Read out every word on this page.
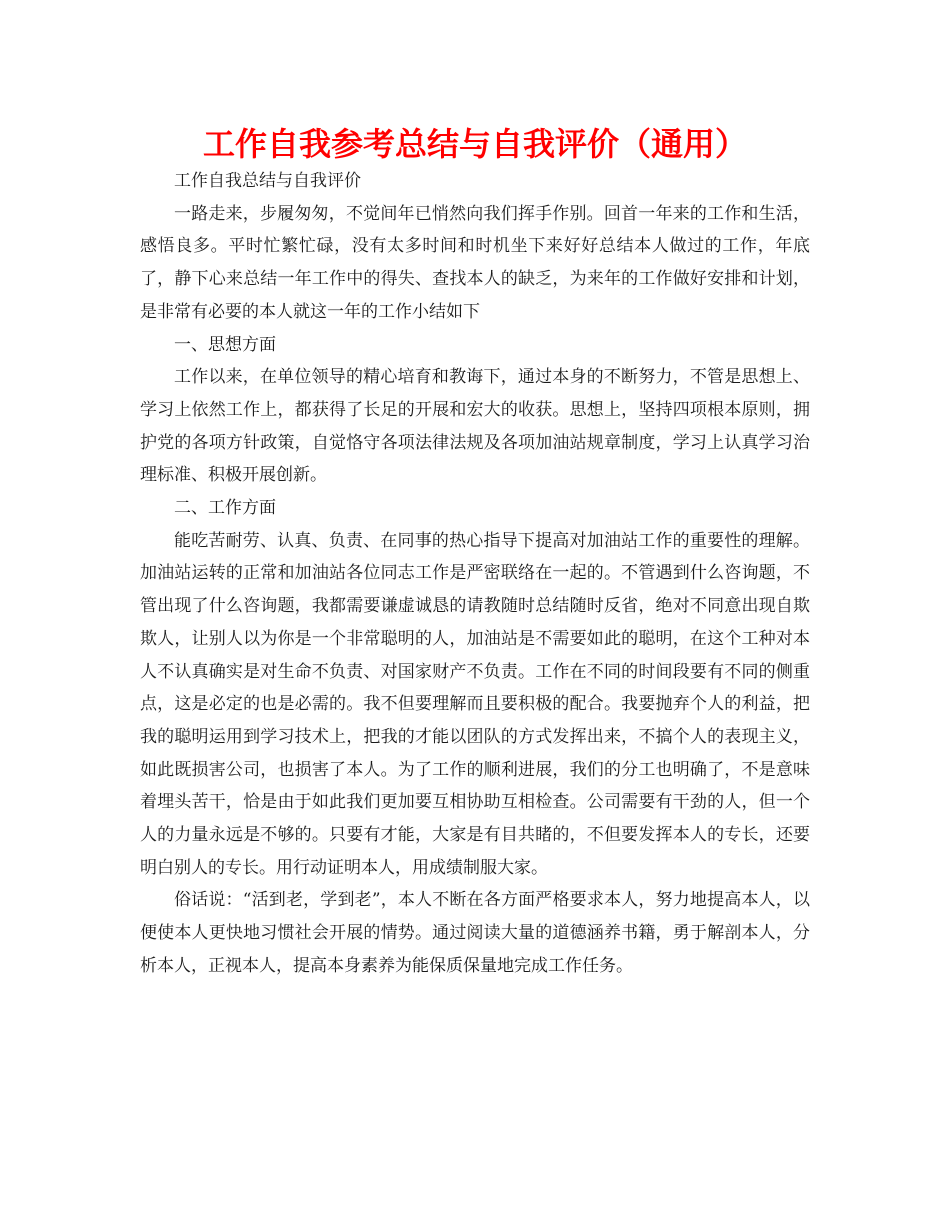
工作自我参考总结与自我评价（通用）

工作自我总结与自我评价

一路走来，步履匆匆，不觉间年已悄然向我们挥手作别。回首一年来的工作和生活，感悟良多。平时忙繁忙碌，没有太多时间和时机坐下来好好总结本人做过的工作，年底了，静下心来总结一年工作中的得失、查找本人的缺乏，为来年的工作做好安排和计划，是非常有必要的本人就这一年的工作小结如下

一、思想方面

工作以来，在单位领导的精心培育和教诲下，通过本身的不断努力，不管是思想上、学习上依然工作上，都获得了长足的开展和宏大的收获。思想上，坚持四项根本原则，拥护党的各项方针政策，自觉恪守各项法律法规及各项加油站规章制度，学习上认真学习治理标准、积极开展创新。

二、工作方面

能吃苦耐劳、认真、负责、在同事的热心指导下提高对加油站工作的重要性的理解。加油站运转的正常和加油站各位同志工作是严密联络在一起的。不管遇到什么咨询题，不管出现了什么咨询题，我都需要谦虚诚恳的请教随时总结随时反省，绝对不同意出现自欺欺人，让别人以为你是一个非常聪明的人，加油站是不需要如此的聪明，在这个工种对本人不认真确实是对生命不负责、对国家财产不负责。工作在不同的时间段要有不同的侧重点，这是必定的也是必需的。我不但要理解而且要积极的配合。我要抛弃个人的利益，把我的聪明运用到学习技术上，把我的才能以团队的方式发挥出来，不搞个人的表现主义，如此既损害公司，也损害了本人。为了工作的顺利进展，我们的分工也明确了，不是意味着埋头苦干，恰是由于如此我们更加要互相协助互相检查。公司需要有干劲的人，但一个人的力量永远是不够的。只要有才能，大家是有目共睹的，不但要发挥本人的专长，还要明白别人的专长。用行动证明本人，用成绩制服大家。

俗话说：“活到老，学到老”，本人不断在各方面严格要求本人，努力地提高本人，以便使本人更快地习惯社会开展的情势。通过阅读大量的道德涵养书籍，勇于解剖本人，分析本人，正视本人，提高本身素养为能保质保量地完成工作任务。
